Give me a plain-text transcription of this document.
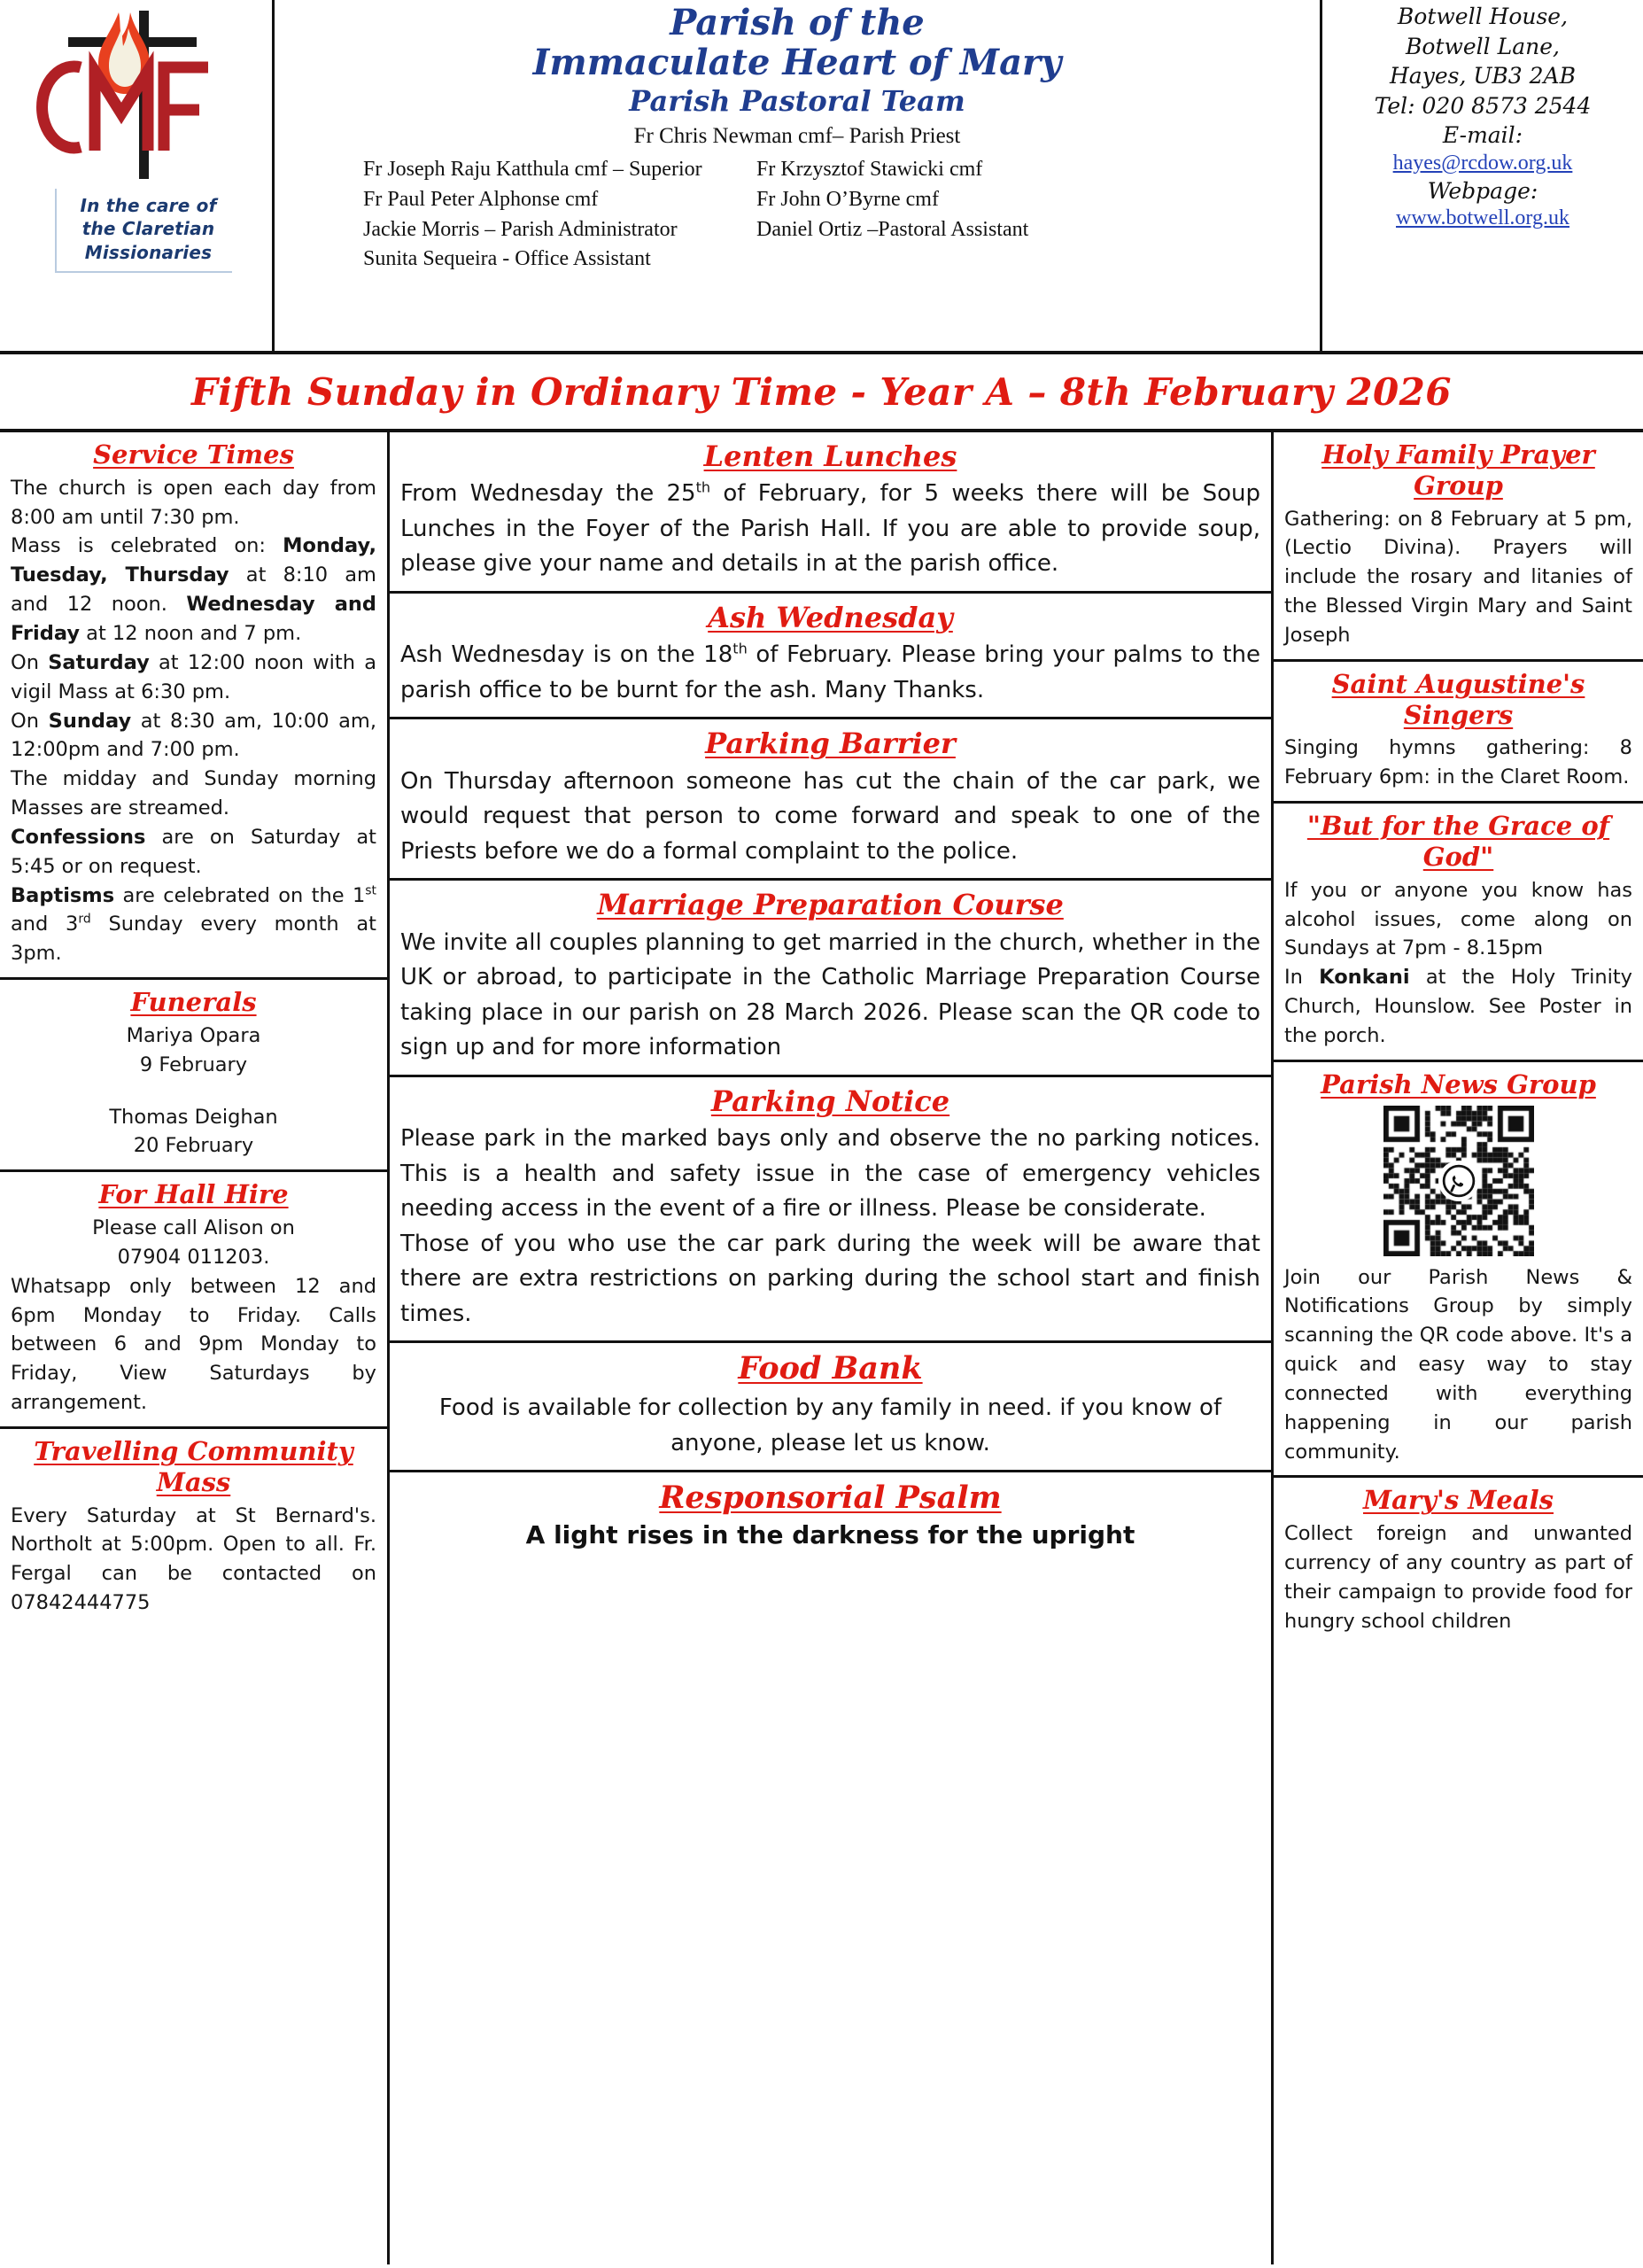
In the care of
the Claretian
Missionaries
Parish of the
Immaculate Heart of Mary
Parish Pastoral Team
Fr Chris Newman cmf– Parish Priest
Fr Joseph Raju Katthula cmf – Superior	Fr Krzysztof Stawicki cmf
Fr Paul Peter Alphonse cmf	Fr John O’Byrne cmf
Jackie Morris – Parish Administrator	Daniel Ortiz –Pastoral Assistant
Sunita Sequeira - Office Assistant
Botwell House,
Botwell Lane,
Hayes, UB3 2AB
Tel: 020 8573 2544
E-mail:
hayes@rcdow.org.uk
Webpage:
www.botwell.org.uk
Fifth Sunday in Ordinary Time - Year A – 8th February 2026
Service Times
The church is open each day from 8:00 am until 7:30 pm.
Mass is celebrated on: Monday, Tuesday, Thursday at 8:10 am and 12 noon. Wednesday and Friday at 12 noon and 7 pm.
On Saturday at 12:00 noon with a vigil Mass at 6:30 pm.
On Sunday at 8:30 am, 10:00 am, 12:00pm and 7:00 pm.
The midday and Sunday morning Masses are streamed.
Confessions are on Saturday at 5:45 or on request.
Baptisms are celebrated on the 1st and 3rd Sunday every month at 3pm.
Funerals
Mariya Opara
9 February
Thomas Deighan
20 February
For Hall Hire
Please call Alison on
07904 011203.
Whatsapp only between 12 and 6pm Monday to Friday. Calls between 6 and 9pm Monday to Friday, View Saturdays by arrangement.
Travelling Community
Mass
Every Saturday at St Bernard's. Northolt at 5:00pm. Open to all. Fr. Fergal can be contacted on 07842444775
Lenten Lunches
From Wednesday the 25th of February, for 5 weeks there will be Soup Lunches in the Foyer of the Parish Hall. If you are able to provide soup, please give your name and details in at the parish office.
Ash Wednesday
Ash Wednesday is on the 18th of February. Please bring your palms to the parish office to be burnt for the ash. Many Thanks.
Parking Barrier
On Thursday afternoon someone has cut the chain of the car park, we would request that person to come forward and speak to one of the Priests before we do a formal complaint to the police.
Marriage Preparation Course
We invite all couples planning to get married in the church, whether in the UK or abroad, to participate in the Catholic Marriage Preparation Course taking place in our parish on 28 March 2026. Please scan the QR code to sign up and for more information
Parking Notice
Please park in the marked bays only and observe the no parking notices. This is a health and safety issue in the case of emergency vehicles needing access in the event of a fire or illness. Please be considerate.
Those of you who use the car park during the week will be aware that there are extra restrictions on parking during the school start and finish times.
Food Bank
Food is available for collection by any family in need. if you know of anyone, please let us know.
Responsorial Psalm
A light rises in the darkness for the upright
Holy Family Prayer
Group
Gathering: on 8 February at 5 pm, (Lectio Divina). Prayers will include the rosary and litanies of the Blessed Virgin Mary and Saint Joseph
Saint Augustine's
Singers
Singing hymns gathering: 8 February 6pm: in the Claret Room.
"But for the Grace of
God"
If you or anyone you know has alcohol issues, come along on Sundays at 7pm - 8.15pm
In Konkani at the Holy Trinity Church, Hounslow. See Poster in the porch.
Parish News Group
Join our Parish News & Notifications Group by simply scanning the QR code above. It's a quick and easy way to stay connected with everything happening in our parish community.
Mary's Meals
Collect foreign and unwanted currency of any country as part of their campaign to provide food for hungry school children
